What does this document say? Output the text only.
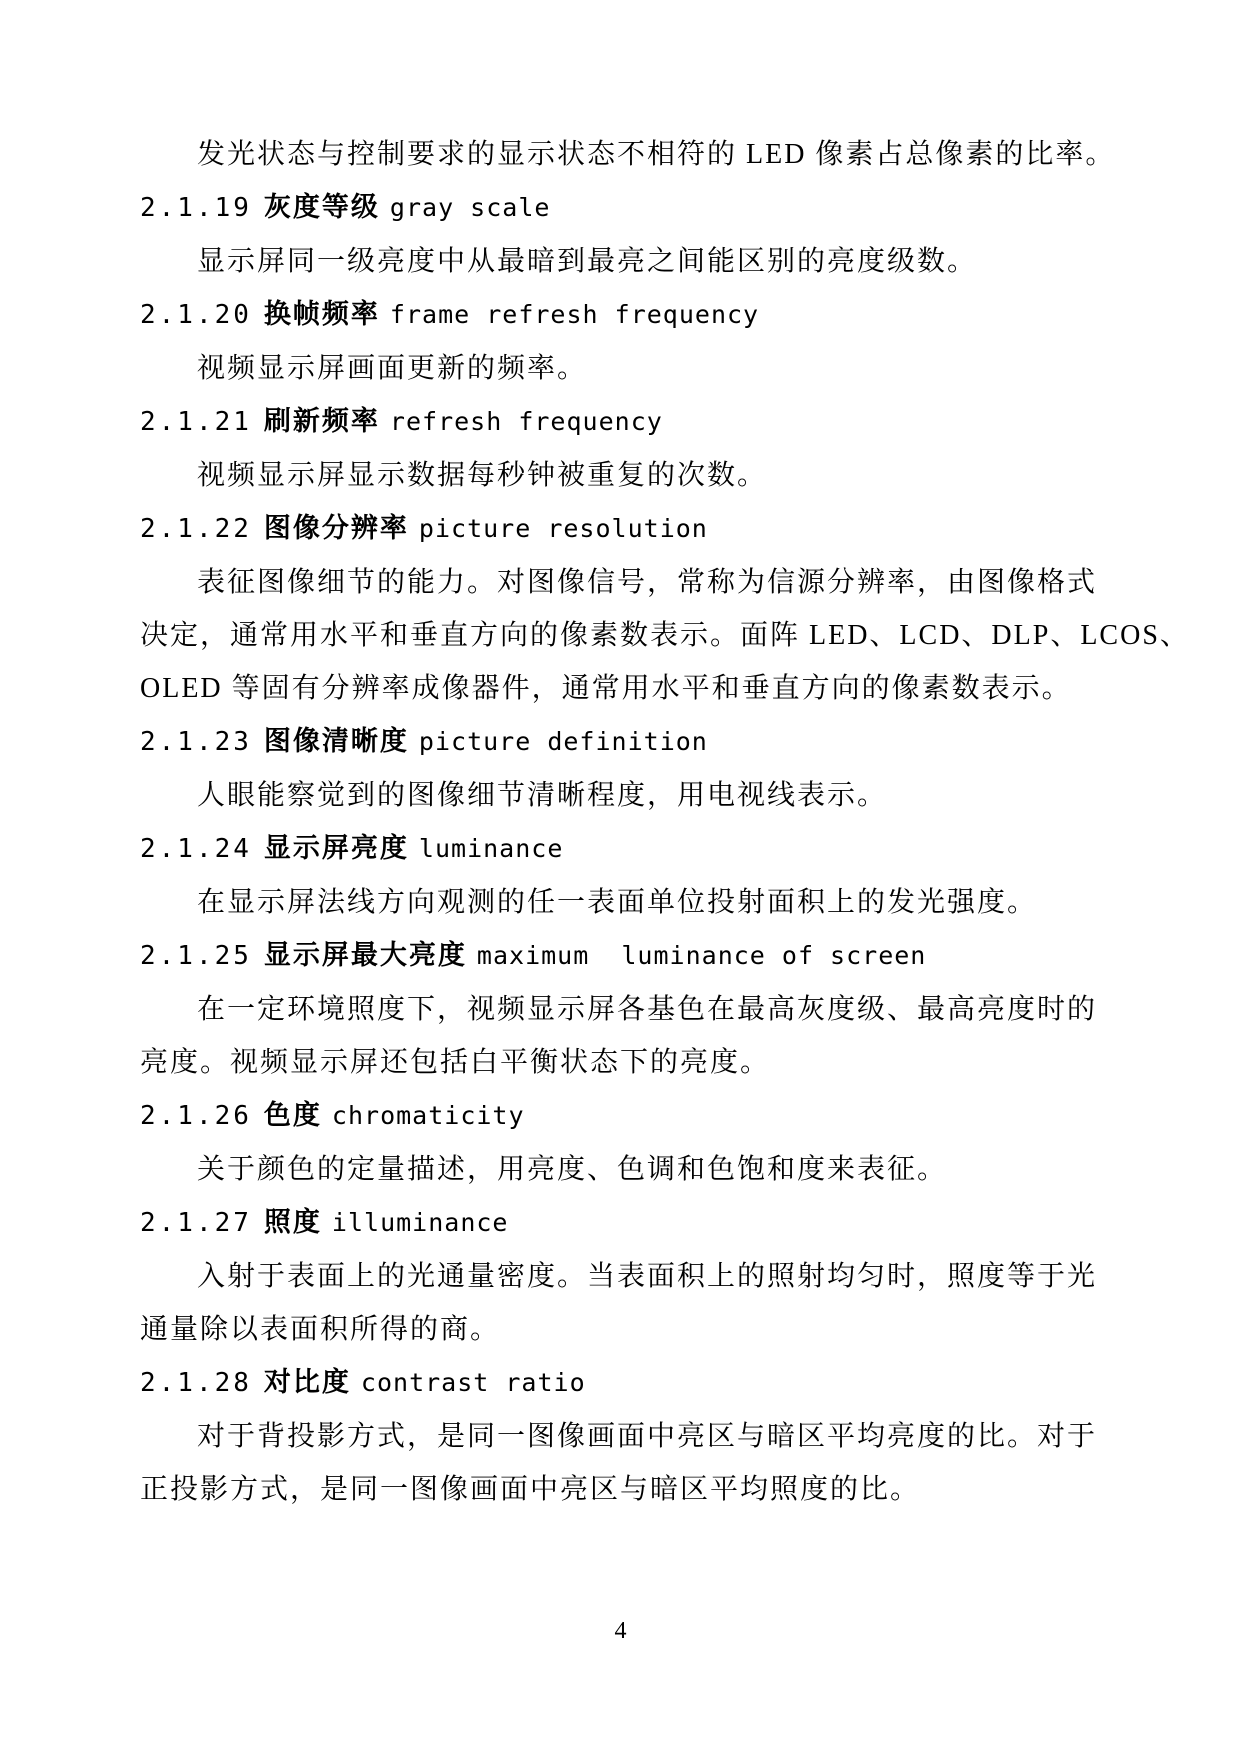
发光状态与控制要求的显示状态不相符的 LED 像素占总像素的比率。
2.1.19 灰度等级 gray scale
显示屏同一级亮度中从最暗到最亮之间能区别的亮度级数。
2.1.20 换帧频率 frame refresh frequency
视频显示屏画面更新的频率。
2.1.21 刷新频率 refresh frequency
视频显示屏显示数据每秒钟被重复的次数。
2.1.22 图像分辨率 picture resolution
表征图像细节的能力。对图像信号，常称为信源分辨率，由图像格式
决定，通常用水平和垂直方向的像素数表示。面阵 LED、LCD、DLP、LCOS、
OLED 等固有分辨率成像器件，通常用水平和垂直方向的像素数表示。
2.1.23 图像清晰度 picture definition
人眼能察觉到的图像细节清晰程度，用电视线表示。
2.1.24 显示屏亮度 luminance
在显示屏法线方向观测的任一表面单位投射面积上的发光强度。
2.1.25 显示屏最大亮度 maximum  luminance of screen
在一定环境照度下，视频显示屏各基色在最高灰度级、最高亮度时的
亮度。视频显示屏还包括白平衡状态下的亮度。
2.1.26 色度 chromaticity
关于颜色的定量描述，用亮度、色调和色饱和度来表征。
2.1.27 照度 illuminance
入射于表面上的光通量密度。当表面积上的照射均匀时，照度等于光
通量除以表面积所得的商。
2.1.28 对比度 contrast ratio
对于背投影方式，是同一图像画面中亮区与暗区平均亮度的比。对于
正投影方式，是同一图像画面中亮区与暗区平均照度的比。
4
